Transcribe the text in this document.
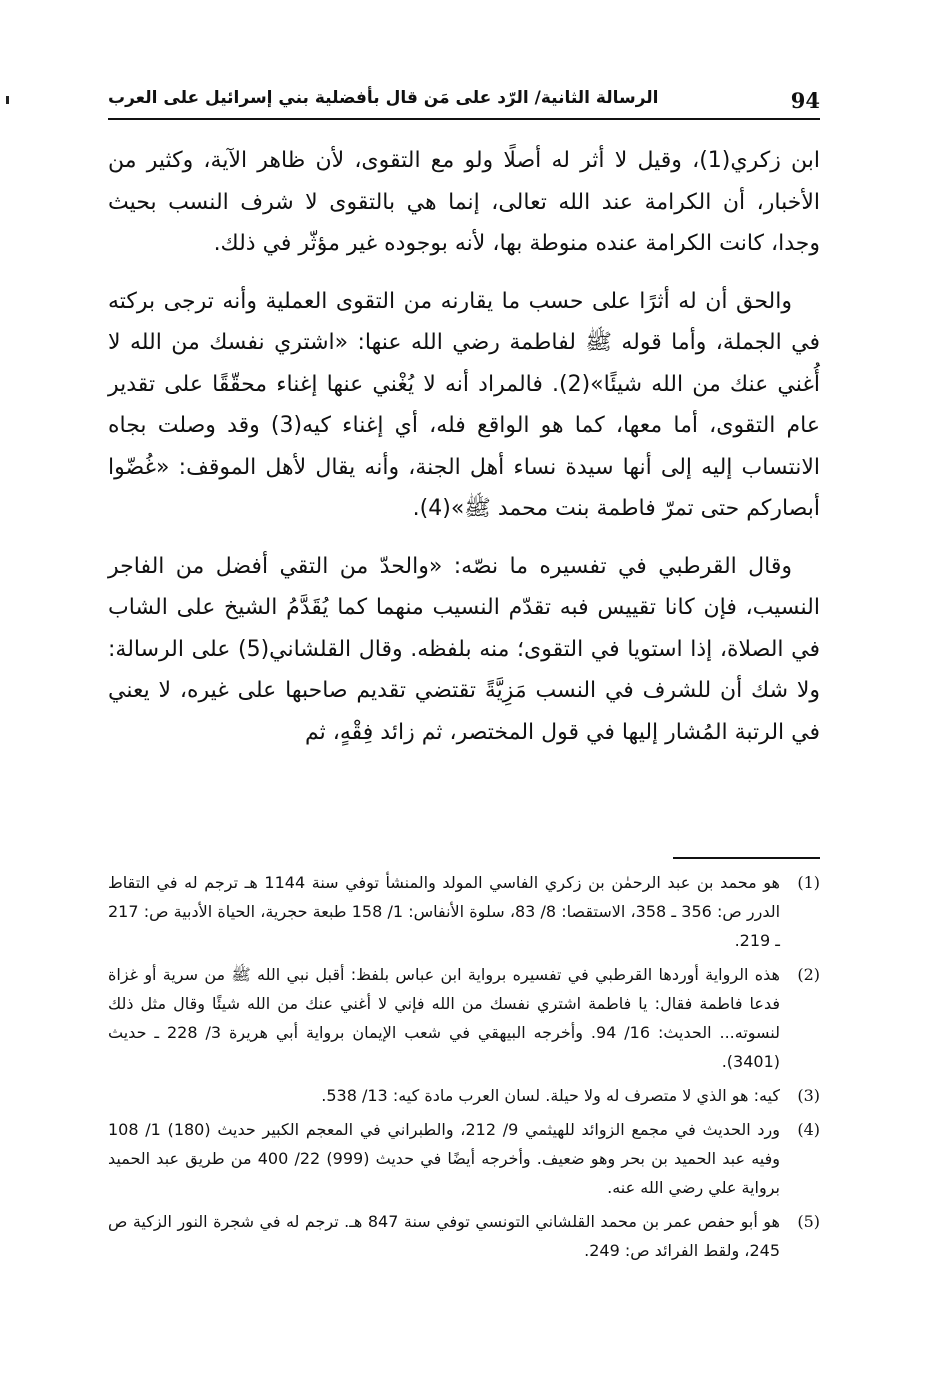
94
الرسالة الثانية/ الرّد على مَن قال بأفضلية بني إسرائيل على العرب

ابن زكري(1)، وقيل لا أثر له أصلًا ولو مع التقوى، لأن ظاهر الآية، وكثير من الأخبار، أن الكرامة عند الله تعالى، إنما هي بالتقوى لا شرف النسب بحيث وجدا، كانت الكرامة عنده منوطة بها، لأنه بوجوده غير مؤثّر في ذلك.

والحق أن له أثرًا على حسب ما يقارنه من التقوى العملية وأنه ترجى بركته في الجملة، وأما قوله ﷺ لفاطمة رضي الله عنها: «اشتري نفسك من الله لا أُغني عنك من الله شيئًا»(2). فالمراد أنه لا يُغْني عنها إغناء محقّقًا على تقدير عام التقوى، أما معها، كما هو الواقع فله، أي إغناء كيه(3) وقد وصلت بجاه الانتساب إليه إلى أنها سيدة نساء أهل الجنة، وأنه يقال لأهل الموقف: «غُضّوا أبصاركم حتى تمرّ فاطمة بنت محمد ﷺ»(4).

وقال القرطبي في تفسيره ما نصّه: «والحدّ من التقي أفضل من الفاجر النسيب، فإن كانا تقييس فبه تقدّم النسيب منهما كما يُقَدَّمُ الشيخ على الشاب في الصلاة، إذا استويا في التقوى؛ منه بلفظه. وقال القلشاني(5) على الرسالة: ولا شك أن للشرف في النسب مَزِيَّةً تقتضي تقديم صاحبها على غيره، لا يعني في الرتبة المُشار إليها في قول المختصر، ثم زائد فِقْهٍ، ثم

(1)
هو محمد بن عبد الرحمٰن بن زكري الفاسي المولد والمنشأ توفي سنة 1144 هـ ترجم له في التقاط الدرر ص: 356 ـ 358، الاستقصا: 8/ 83، سلوة الأنفاس: 1/ 158 طبعة حجرية، الحياة الأدبية ص: 217 ـ 219.
(2)
هذه الرواية أوردها القرطبي في تفسيره برواية ابن عباس بلفظ: أقبل نبي الله ﷺ من سرية أو غزاة فدعا فاطمة فقال: يا فاطمة اشتري نفسك من الله فإني لا أغني عنك من الله شيئًا وقال مثل ذلك لنسوته... الحديث: 16/ 94. وأخرجه البيهقي في شعب الإيمان برواية أبي هريرة 3/ 228 ـ حديث (3401).
(3)
كيه: هو الذي لا متصرف له ولا حيلة. لسان العرب مادة كيه: 13/ 538.
(4)
ورد الحديث في مجمع الزوائد للهيثمي 9/ 212، والطبراني في المعجم الكبير حديث (180) 1/ 108 وفيه عبد الحميد بن بحر وهو ضعيف. وأخرجه أيضًا في حديث (999) 22/ 400 من طريق عبد الحميد برواية علي رضي الله عنه.
(5)
هو أبو حفص عمر بن محمد القلشاني التونسي توفي سنة 847 هـ. ترجم له في شجرة النور الزكية ص 245، ولقط الفرائد ص: 249.
